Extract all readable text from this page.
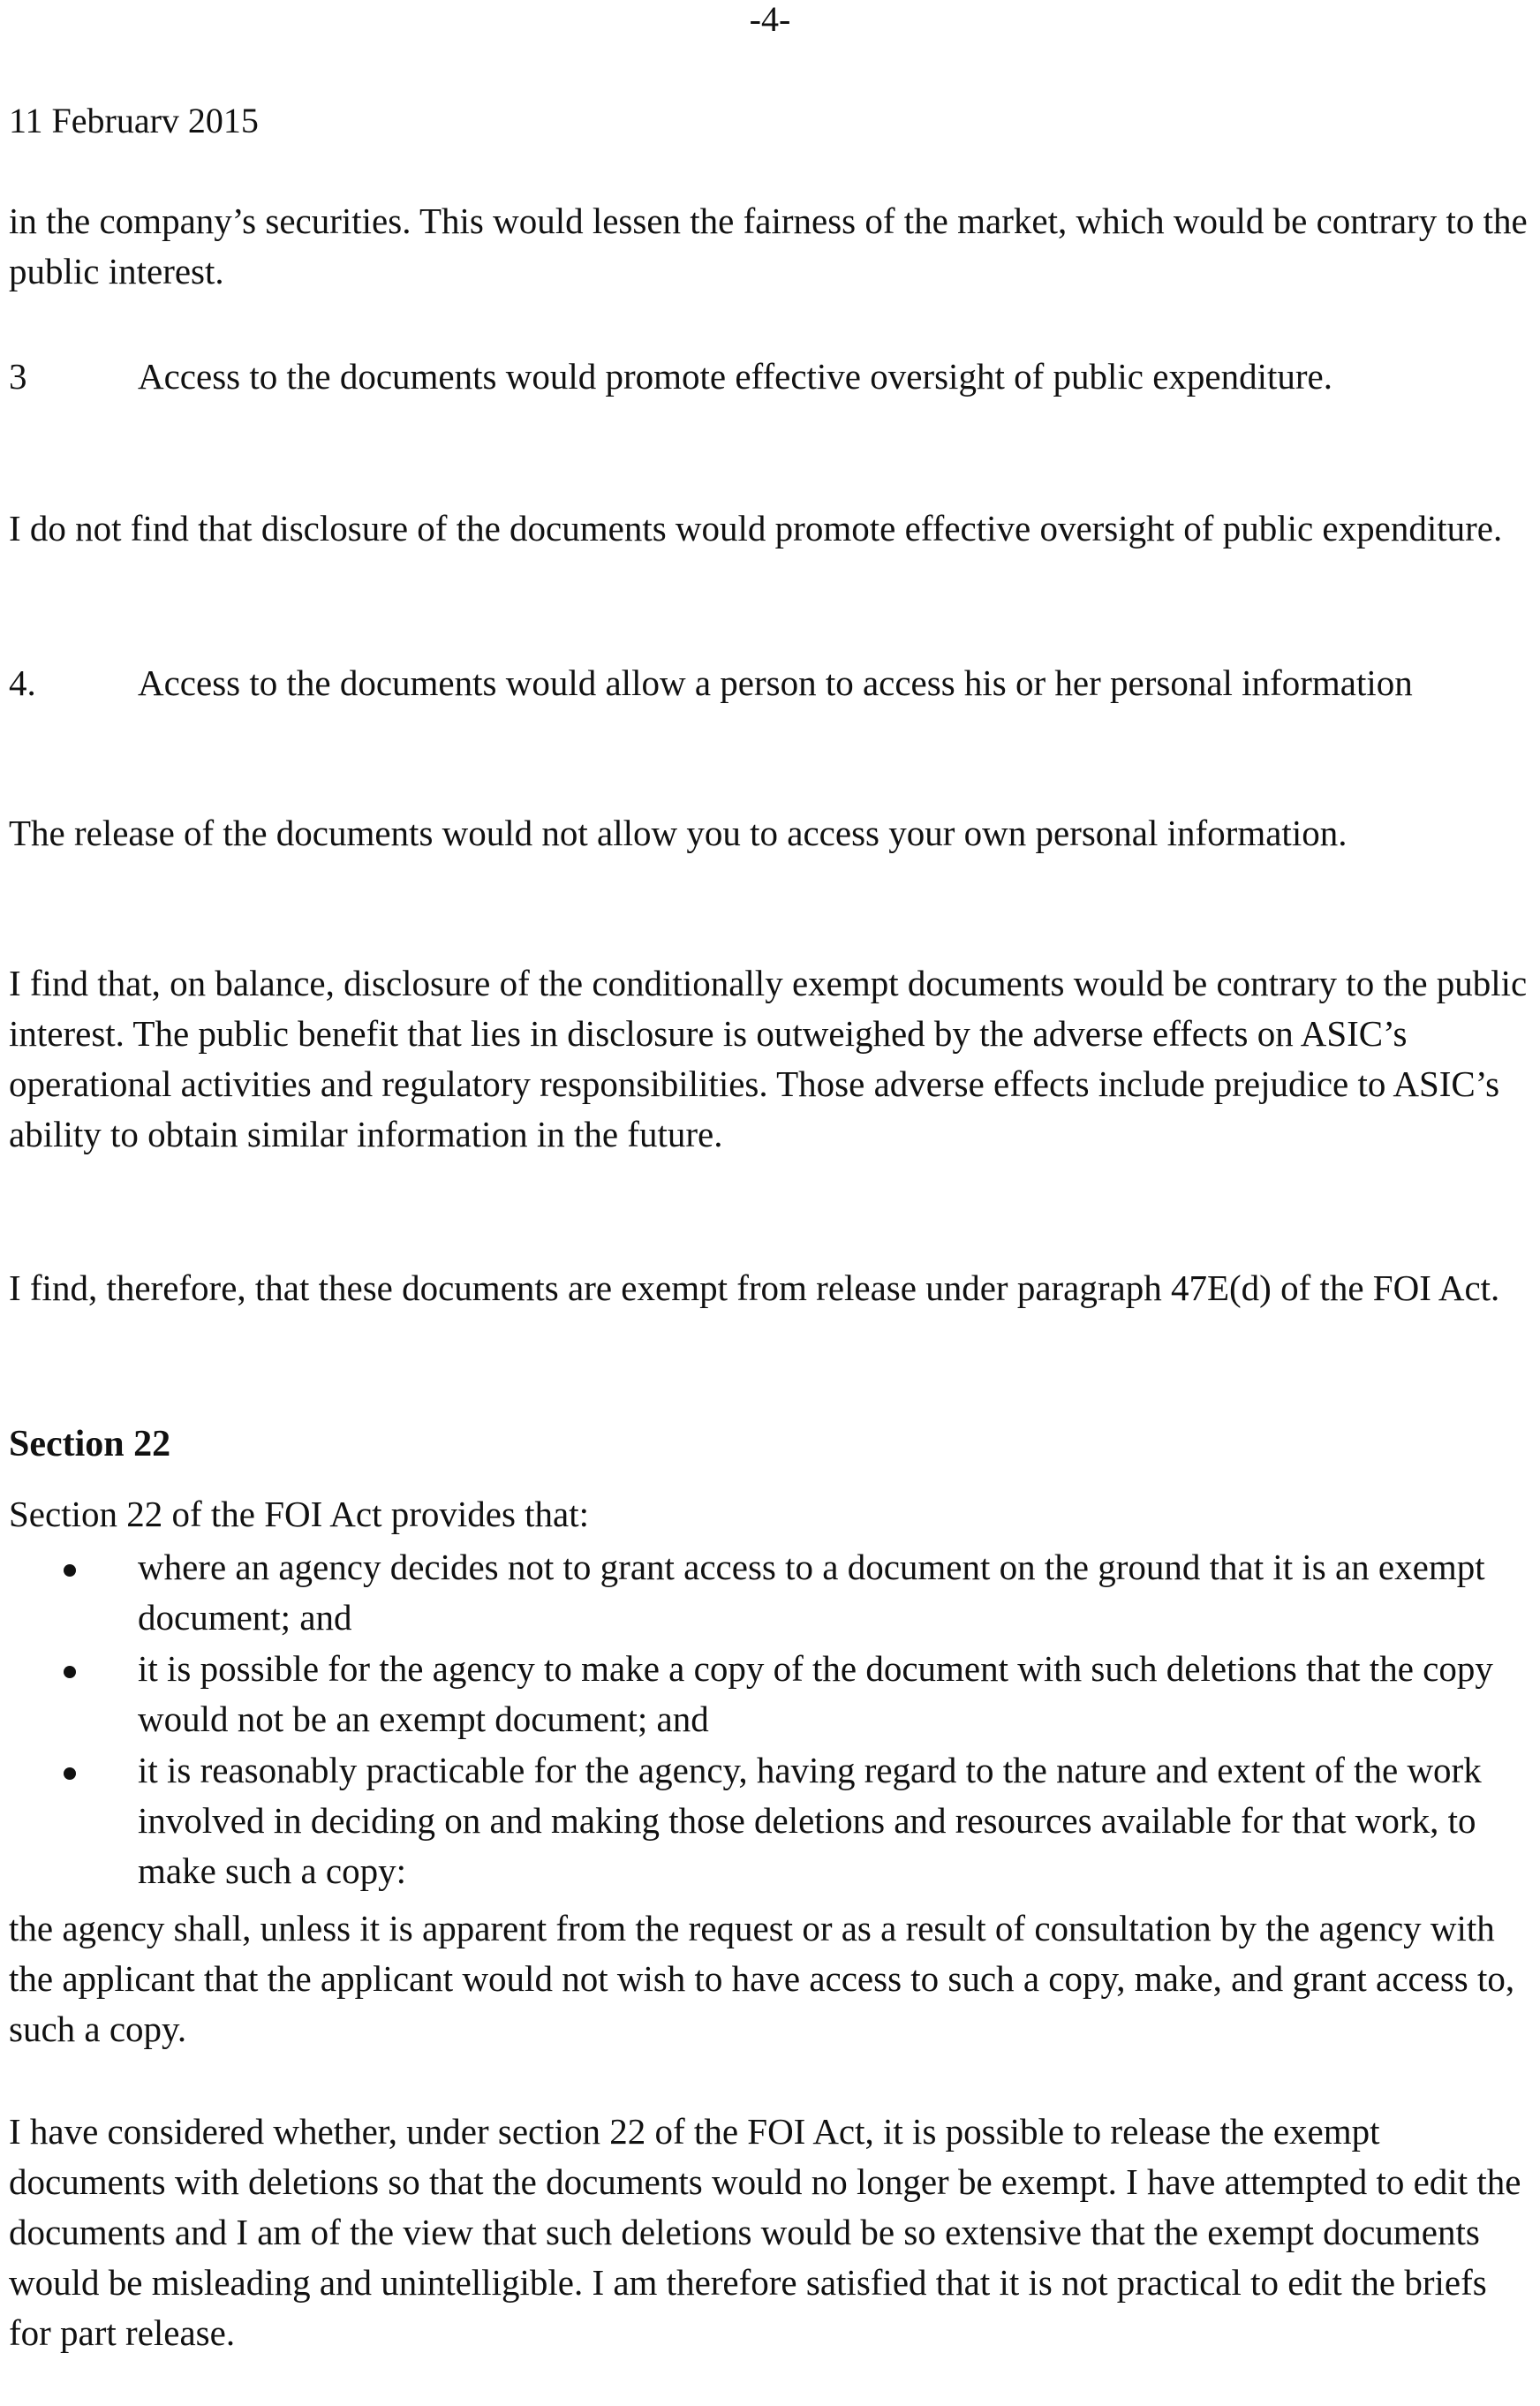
-4-
11 Februarv 2015

in the company’s securities. This would lessen the fairness of the market, which would be contrary to the public interest.

3	Access to the documents would promote effective oversight of public expenditure.

I do not find that disclosure of the documents would promote effective oversight of public expenditure.

4.	Access to the documents would allow a person to access his or her personal information

The release of the documents would not allow you to access your own personal information.

I find that, on balance, disclosure of the conditionally exempt documents would be contrary to the public interest. The public benefit that lies in disclosure is outweighed by the adverse effects on ASIC’s operational activities and regulatory responsibilities. Those adverse effects include prejudice to ASIC’s ability to obtain similar information in the future.

I find, therefore, that these documents are exempt from release under paragraph 47E(d) of the FOI Act.

Section 22

Section 22 of the FOI Act provides that:

where an agency decides not to grant access to a document on the ground that it is an exempt document; and
it is possible for the agency to make a copy of the document with such deletions that the copy would not be an exempt document; and
it is reasonably practicable for the agency, having regard to the nature and extent of the work involved in deciding on and making those deletions and resources available for that work, to make such a copy:

the agency shall, unless it is apparent from the request or as a result of consultation by the agency with the applicant that the applicant would not wish to have access to such a copy, make, and grant access to, such a copy.

I have considered whether, under section 22 of the FOI Act, it is possible to release the exempt documents with deletions so that the documents would no longer be exempt. I have attempted to edit the documents and I am of the view that such deletions would be so extensive that the exempt documents would be misleading and unintelligible. I am therefore satisfied that it is not practical to edit the briefs for part release.
